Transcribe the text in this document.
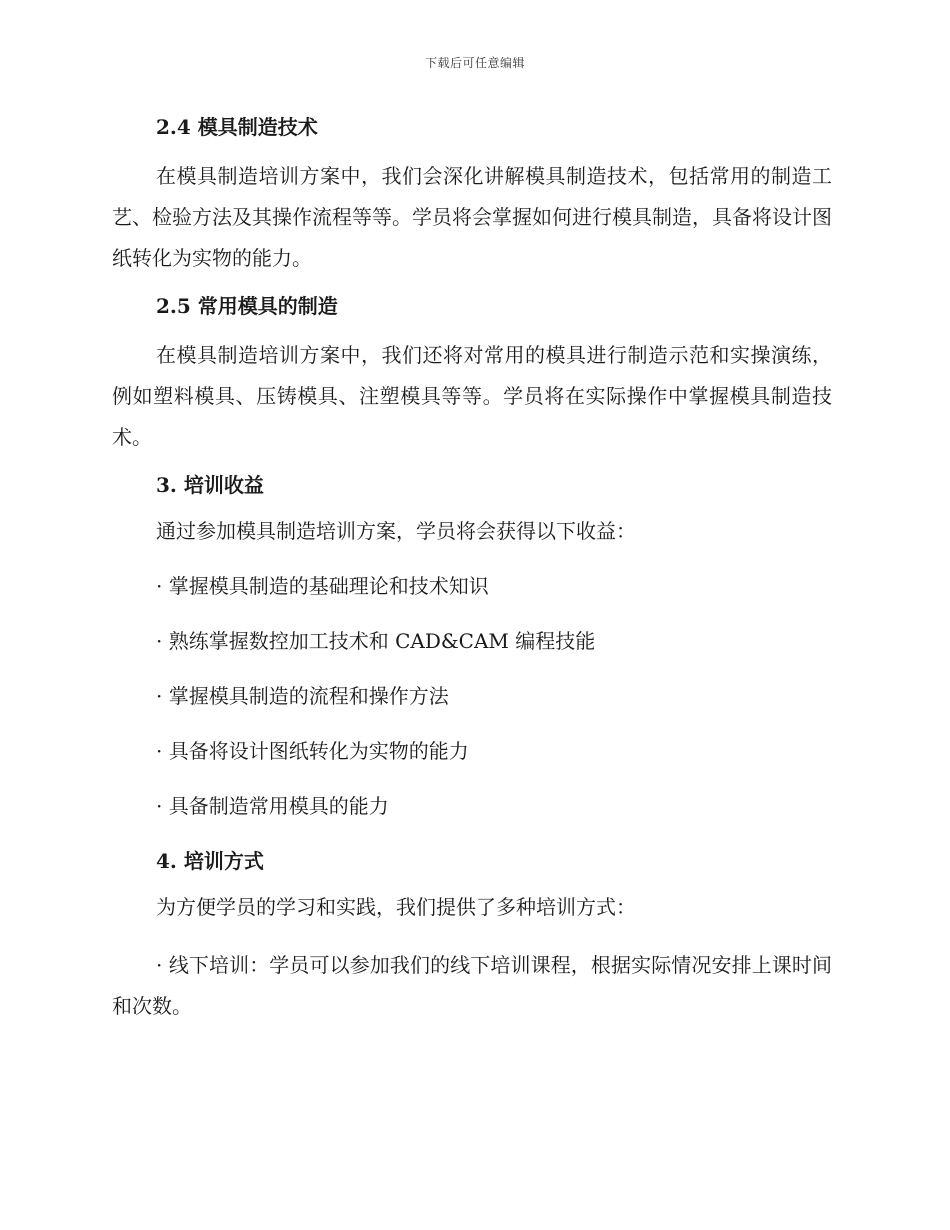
下载后可任意编辑
2.4 模具制造技术

在模具制造培训方案中，我们会深化讲解模具制造技术，包括常用的制造工艺、检验方法及其操作流程等等。学员将会掌握如何进行模具制造，具备将设计图纸转化为实物的能力。

2.5 常用模具的制造

在模具制造培训方案中，我们还将对常用的模具进行制造示范和实操演练，例如塑料模具、压铸模具、注塑模具等等。学员将在实际操作中掌握模具制造技术。

3. 培训收益
通过参加模具制造培训方案，学员将会获得以下收益：
· 掌握模具制造的基础理论和技术知识
· 熟练掌握数控加工技术和 CAD&CAM 编程技能
· 掌握模具制造的流程和操作方法
· 具备将设计图纸转化为实物的能力
· 具备制造常用模具的能力
4. 培训方式
为方便学员的学习和实践，我们提供了多种培训方式：

· 线下培训：学员可以参加我们的线下培训课程，根据实际情况安排上课时间和次数。
